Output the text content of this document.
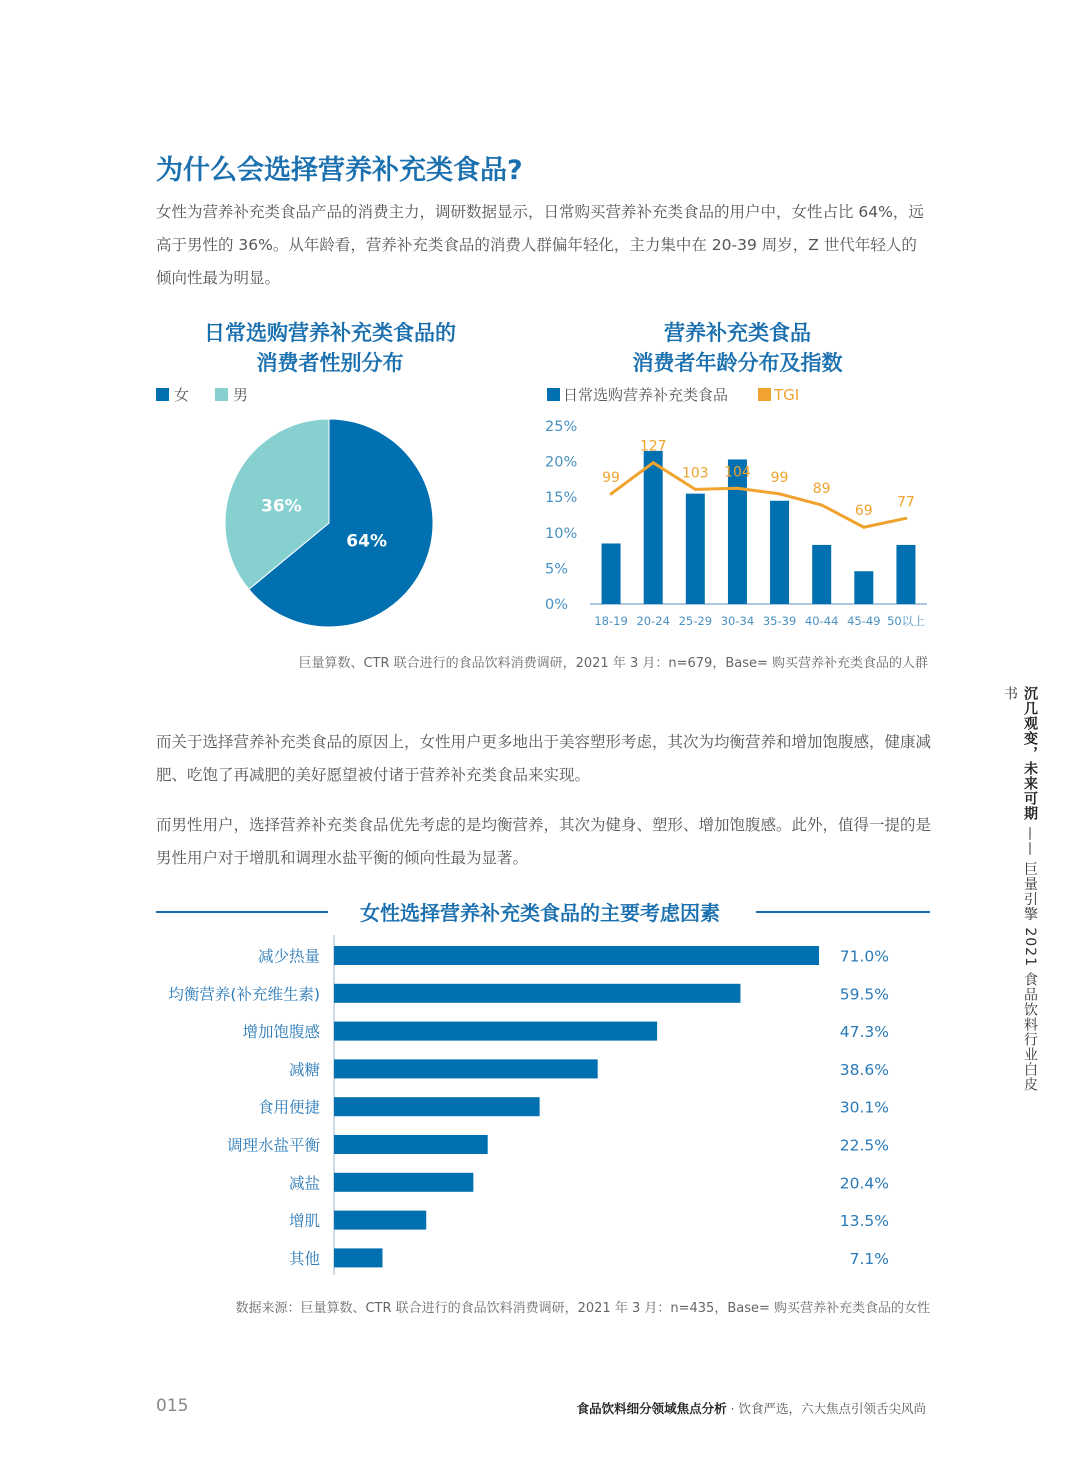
为什么会选择营养补充类食品?
女性为营养补充类食品产品的消费主力，调研数据显示，日常购买营养补充类食品的用户中，女性占比 64%，远高于男性的 36%。从年龄看，营养补充类食品的消费人群偏年轻化，主力集中在 20-39 周岁，Z 世代年轻人的倾向性最为明显。
日常选购营养补充类食品的
消费者性别分布
女	男
64%
36%
营养补充类食品
消费者年龄分布及指数
日常选购营养补充类食品	TGI
25%
20%
15%
10%
5%
0%
18-19 20-24 25-29 30-34 35-39 40-44 45-49 50以上
99
127
103 104 99
89
69
77
巨量算数、CTR 联合进行的食品饮料消费调研，2021 年 3 月：n=679，Base= 购买营养补充类食品的人群
而关于选择营养补充类食品的原因上，女性用户更多地出于美容塑形考虑，其次为均衡营养和增加饱腹感，健康减肥、吃饱了再减肥的美好愿望被付诸于营养补充类食品来实现。
而男性用户，选择营养补充类食品优先考虑的是均衡营养，其次为健身、塑形、增加饱腹感。此外，值得一提的是男性用户对于增肌和调理水盐平衡的倾向性最为显著。
女性选择营养补充类食品的主要考虑因素
减少热量	71.0%
均衡营养(补充维生素)	59.5%
增加饱腹感	47.3%
减糖	38.6%
食用便捷	30.1%
调理水盐平衡	22.5%
减盐	20.4%
增肌	13.5%
其他	7.1%
数据来源：巨量算数、CTR 联合进行的食品饮料消费调研，2021 年 3 月：n=435，Base= 购买营养补充类食品的女性
沉几观变，未来可期 —— 巨量引擎 2021 食品饮料行业白皮书
015	食品饮料细分领域焦点分析 · 饮食严选，六大焦点引领舌尖风尚
